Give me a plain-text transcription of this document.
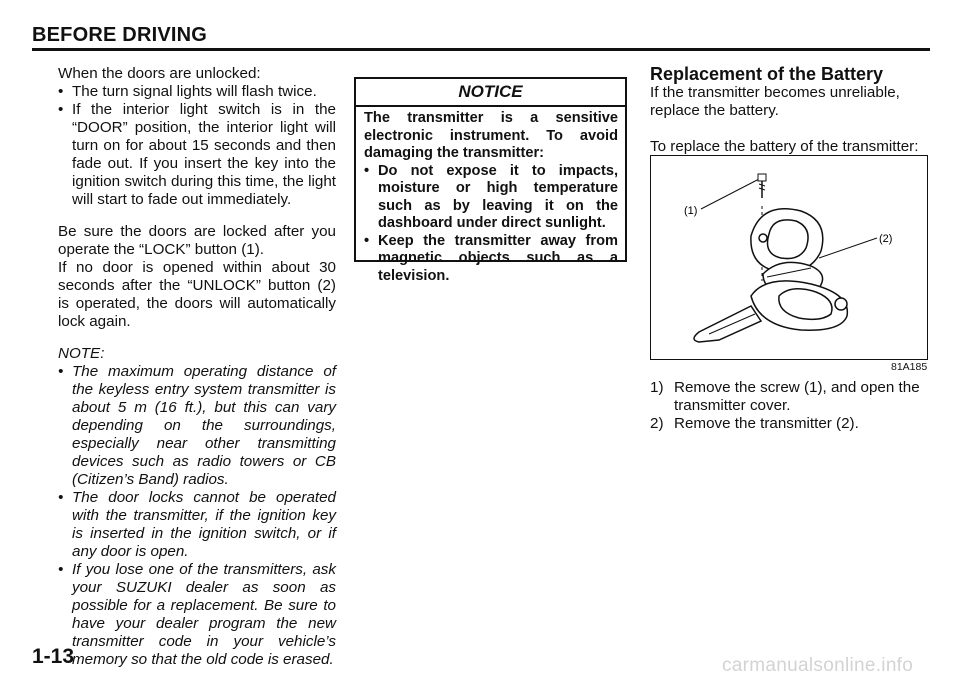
BEFORE DRIVING

When the doors are unlocked:

• The turn signal lights will flash twice.

• If the interior light switch is in the “DOOR” position, the interior light will turn on for about 15 seconds and then fade out. If you insert the key into the ignition switch during this time, the light will start to fade out immediately.

Be sure the doors are locked after you operate the “LOCK” button (1).

If no door is opened within about 30 seconds after the “UNLOCK” button (2) is operated, the doors will automatically lock again.

NOTE:

• The maximum operating distance of the keyless entry system transmitter is about 5 m (16 ft.), but this can vary depending on the surroundings, especially near other transmitting devices such as radio towers or CB (Citizen’s Band) radios.

• The door locks cannot be operated with the transmitter, if the ignition key is inserted in the ignition switch, or if any door is open.

• If you lose one of the transmitters, ask your SUZUKI dealer as soon as possible for a replacement. Be sure to have your dealer program the new transmitter code in your vehicle’s memory so that the old code is erased.

NOTICE

The transmitter is a sensitive electronic instrument. To avoid damaging the transmitter:

• Do not expose it to impacts, moisture or high temperature such as by leaving it on the dashboard under direct sunlight.

• Keep the transmitter away from magnetic objects such as a television.

Replacement of the Battery

If the transmitter becomes unreliable, replace the battery.

To replace the battery of the transmitter:

(1)
(2)
81A185
1) Remove the screw (1), and open the transmitter cover.
2) Remove the transmitter (2).
1-13	carmanualsonline.info
